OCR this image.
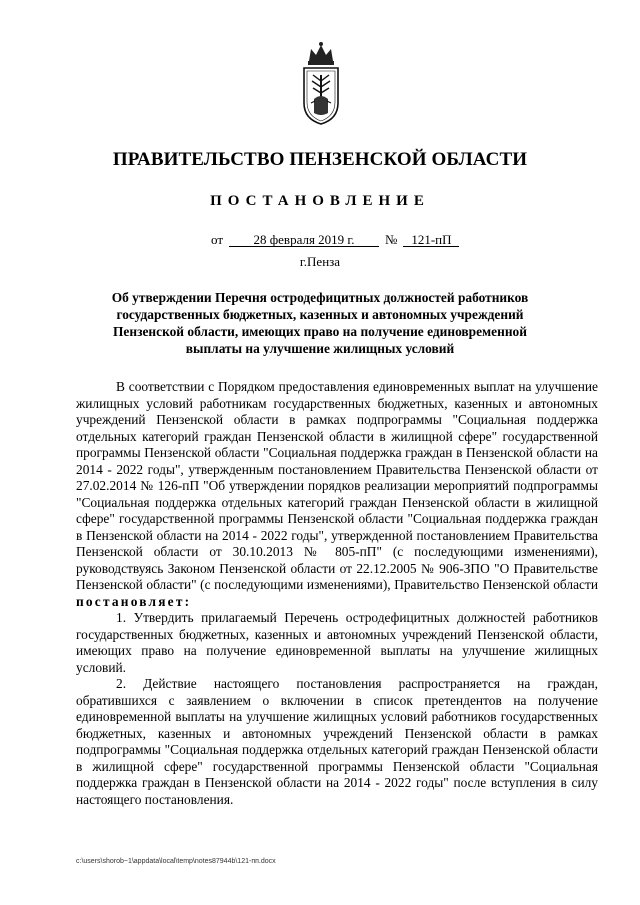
ПРАВИТЕЛЬСТВО ПЕНЗЕНСКОЙ ОБЛАСТИ
ПОСТАНОВЛЕНИЕ
от 28 февраля 2019 г. № 121-пП
г.Пенза
Об утверждении Перечня остродефицитных должностей работников государственных бюджетных, казенных и автономных учреждений Пензенской области, имеющих право на получение единовременной выплаты на улучшение жилищных условий

В соответствии с Порядком предоставления единовременных выплат на улучшение жилищных условий работникам государственных бюджетных, казенных и автономных учреждений Пензенской области в рамках подпрограммы "Социальная поддержка отдельных категорий граждан Пензенской области в жилищной сфере" государственной программы Пензенской области "Социальная поддержка граждан в Пензенской области на 2014 - 2022 годы", утвержденным постановлением Правительства Пензенской области от 27.02.2014 № 126-пП "Об утверждении порядков реализации мероприятий подпрограммы "Социальная поддержка отдельных категорий граждан Пензенской области в жилищной сфере" государственной программы Пензенской области "Социальная поддержка граждан в Пензенской области на 2014 - 2022 годы", утвержденной постановлением Правительства Пензенской области от 30.10.2013 № 805-пП" (с последующими изменениями), руководствуясь Законом Пензенской области от 22.12.2005 № 906-ЗПО "О Правительстве Пензенской области" (с последующими изменениями), Правительство Пензенской области постановляет:

1. Утвердить прилагаемый Перечень остродефицитных должностей работников государственных бюджетных, казенных и автономных учреждений Пензенской области, имеющих право на получение единовременной выплаты на улучшение жилищных условий.

2. Действие настоящего постановления распространяется на граждан, обратившихся с заявлением о включении в список претендентов на получение единовременной выплаты на улучшение жилищных условий работников государственных бюджетных, казенных и автономных учреждений Пензенской области в рамках подпрограммы "Социальная поддержка отдельных категорий граждан Пензенской области в жилищной сфере" государственной программы Пензенской области "Социальная поддержка граждан в Пензенской области на 2014 - 2022 годы" после вступления в силу настоящего постановления.

c:\users\shorob~1\appdata\local\temp\notes87944b\121-пп.docx
